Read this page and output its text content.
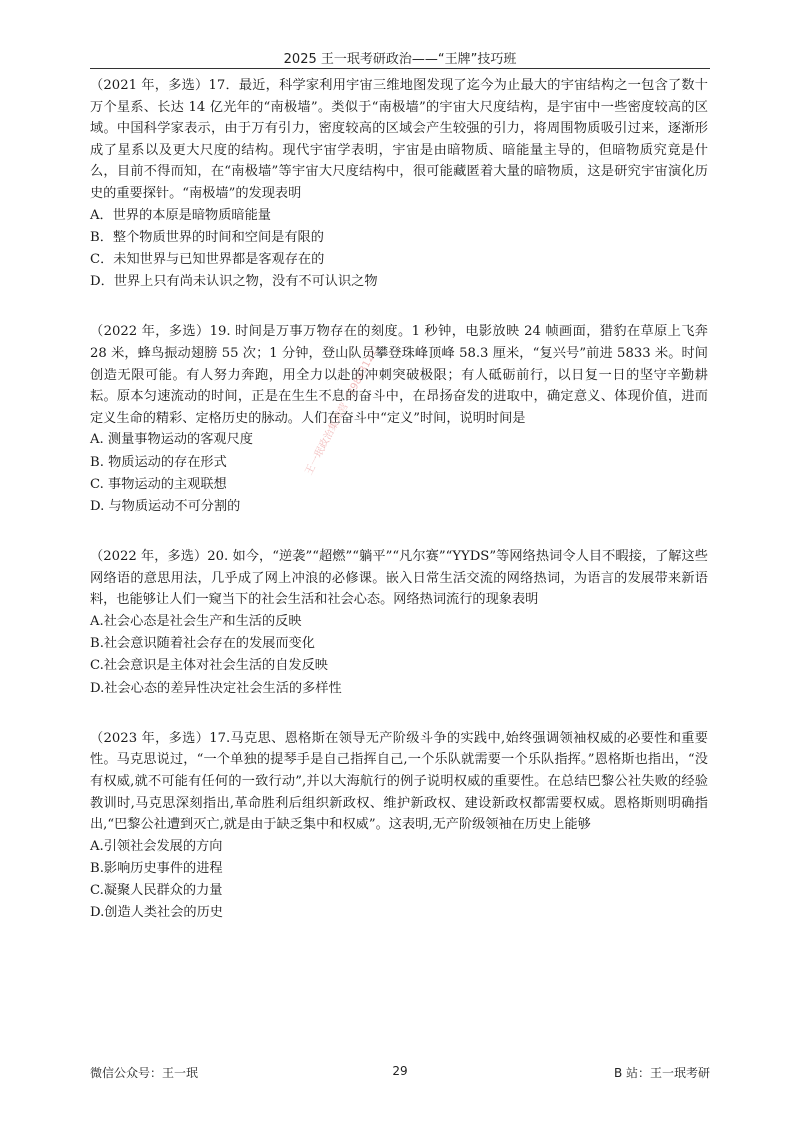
2025 王一珉考研政治——“王牌”技巧班
王一珉政治集训营（89843121）

（2021 年，多选）17．最近，科学家利用宇宙三维地图发现了迄今为止最大的宇宙结构之一包含了数十万个星系、长达 14 亿光年的“南极墙”。类似于“南极墙”的宇宙大尺度结构，是宇宙中一些密度较高的区域。中国科学家表示，由于万有引力，密度较高的区域会产生较强的引力，将周围物质吸引过来，逐渐形成了星系以及更大尺度的结构。现代宇宙学表明，宇宙是由暗物质、暗能量主导的，但暗物质究竟是什么，目前不得而知，在“南极墙”等宇宙大尺度结构中，很可能藏匿着大量的暗物质，这是研究宇宙演化历史的重要探针。“南极墙”的发现表明

A．世界的本原是暗物质暗能量
B．整个物质世界的时间和空间是有限的
C．未知世界与已知世界都是客观存在的
D．世界上只有尚未认识之物，没有不可认识之物

（2022 年，多选）19. 时间是万事万物存在的刻度。1 秒钟，电影放映 24 帧画面，猎豹在草原上飞奔 28 米，蜂鸟振动翅膀 55 次；1 分钟，登山队员攀登珠峰顶峰 58.3 厘米，“复兴号”前进 5833 米。时间创造无限可能。有人努力奔跑，用全力以赴的冲刺突破极限；有人砥砺前行，以日复一日的坚守辛勤耕耘。原本匀速流动的时间，正是在生生不息的奋斗中，在昂扬奋发的进取中，确定意义、体现价值，进而定义生命的精彩、定格历史的脉动。人们在奋斗中“定义”时间，说明时间是

A. 测量事物运动的客观尺度
B. 物质运动的存在形式
C. 事物运动的主观联想
D. 与物质运动不可分割的

（2022 年，多选）20. 如今，“逆袭”“超燃”“躺平”“凡尔赛”“YYDS”等网络热词令人目不暇接，了解这些网络语的意思用法，几乎成了网上冲浪的必修课。嵌入日常生活交流的网络热词，为语言的发展带来新语料，也能够让人们一窥当下的社会生活和社会心态。网络热词流行的现象表明

A.社会心态是社会生产和生活的反映
B.社会意识随着社会存在的发展而变化
C.社会意识是主体对社会生活的自发反映
D.社会心态的差异性决定社会生活的多样性

（2023 年，多选）17.马克思、恩格斯在领导无产阶级斗争的实践中,始终强调领袖权威的必要性和重要性。马克思说过，“一个单独的提琴手是自己指挥自己,一个乐队就需要一个乐队指挥。”恩格斯也指出，“没有权威,就不可能有任何的一致行动”,并以大海航行的例子说明权威的重要性。在总结巴黎公社失败的经验教训时,马克思深刻指出,革命胜利后组织新政权、维护新政权、建设新政权都需要权威。恩格斯则明确指出,“巴黎公社遭到灭亡,就是由于缺乏集中和权威”。这表明,无产阶级领袖在历史上能够

A.引领社会发展的方向
B.影响历史事件的进程
C.凝聚人民群众的力量
D.创造人类社会的历史
微信公众号：王一珉	29	B 站：王一珉考研
